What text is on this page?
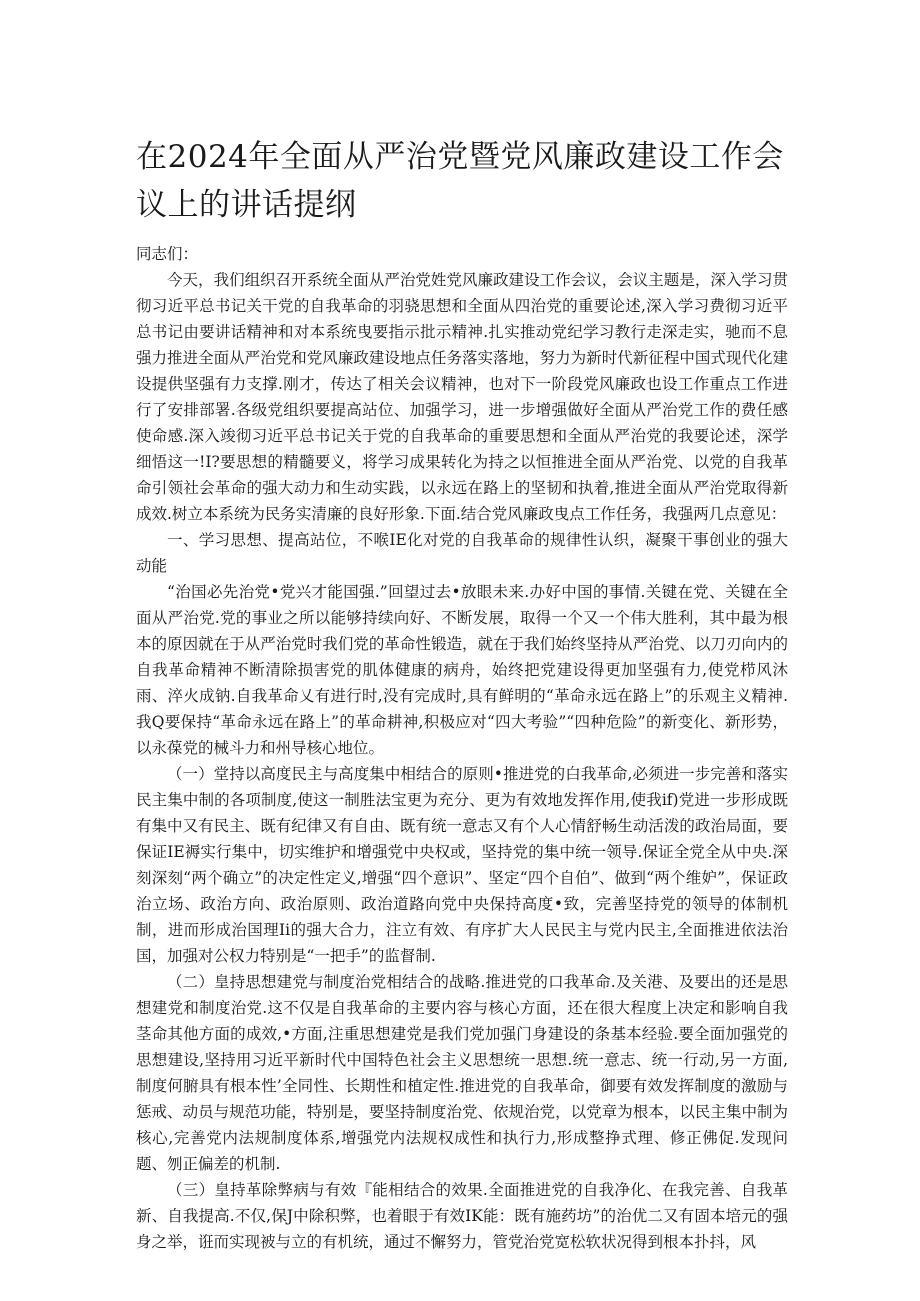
在2024年全面从严治党暨党风廉政建设工作会议上的讲话提纲

同志们：

今天，我们组织召开系统全面从严治党姓党风廉政建设工作会议，会议主题是，深入学习贯彻习近平总书记关干党的自我革命的羽骁思想和全面从四治党的重要论述,深入学习费彻习近平总书记由要讲话精神和对本系统曳要指示批示精神.扎实推动党纪学习教行走深走实，驰而不息强力推进全面从严治党和党风廉政建设地点任务落实落地，努力为新时代新征程中国式现代化建设提供坚强有力支撑.刚才，传达了相关会议精神，也对下一阶段党风廉政也设工作重点工作进行了安排部署.各级党组织要提高站位、加强学习，进一步增强做好全面从严治党工作的费任感使命感.深入竣彻习近平总书记关于党的自我革命的重要思想和全面从严治党的我要论述，深学细悟这一!I?要思想的精髓要义，将学习成果转化为持之以恒推进全面从严治党、以党的自我革命引领社会革命的强大动力和生动实践，以永远在路上的坚韧和执着,推进全面从严治党取得新成效.树立本系统为民务实清廉的良好形象.下面.结合党风廉政曳点工作任务，我强两几点意见：

一、学习思想、提高站位，不喉IE化对党的自我革命的规律性认织，凝聚干事创业的强大动能

“治国必先治党•党兴才能国强.”回望过去•放眼未来.办好中国的事情.关键在党、关键在全面从严治党.党的事业之所以能够持续向好、不断发展，取得一个又一个伟大胜利，其中最为根本的原因就在于从严治党时我们党的革命性锻造，就在于我们始终坚持从严治党、以刀刃向内的自我革命精神不断清除损害党的肌体健康的病舟，始终把党建设得更加坚强有力,使党栉风沐雨、淬火成钠.自我革命乂有进行时,没有完成时,具有鲜明的“革命永远在路上”的乐观主义精神.我Q要保持“革命永远在路上”的革命耕神,积极应对“四大考验”“四种危险”的新变化、新形势，以永葆党的械斗力和州导核心地位。

（一）堂持以高度民主与高度集中相结合的原则•推进党的白我革命,必须进一步完善和落实民主集中制的各项制度,使这一制胜法宝更为充分、更为有效地发挥作用,使我if)党进一步形成既有集中又有民主、既有纪律又有自由、既有统一意志又有个人心情舒畅生动活泼的政治局面，要保证IE褥实行集中，切实维护和增强党中央权或，坚持党的集中统一领导.保证全党全从中央.深刻深刻“两个确立”的决定性定义,增强“四个意识”、坚定“四个自伯”、做到“两个维妒”，保证政治立场、政治方向、政治原则、政治道路向党中央保持高度•致，完善坚持党的领导的体制机制，进而形成治国理Ii的强大合力，注立有效、有序扩大人民民主与党内民主,全面推进依法治国，加强对公权力特别是“一把手”的监督制.

（二）皇持思想建党与制度治党相结合的战略.推进党的口我革命.及关港、及要出的还是思想建党和制度治党.这不仅是自我革命的主要内容与核心方面，还在很大程度上决定和影响自我茎命其他方面的成效,•方面,注重思想建党是我们党加强门身建设的条基本经验.要全面加强党的思想建设,坚持用习近平新时代中国特色社会主义思想统一思想.统一意志、统一行动,另一方面,制度何腑具有根本性’全同性、长期性和植定性.推进党的自我革命，御要有效发挥制度的激励与惩戒、动员与规范功能，特别是，要坚持制度治党、依规治党，以党章为根本，以民主集中制为核心,完善党内法规制度体系,增强党内法规权成性和执行力,形成整挣式理、修正佛促.发现问题、刎正偏差的机制.

（三）皇持革除弊病与有效『能相结合的效果.全面推进党的自我净化、在我完善、自我革新、自我提高.不仅,保J中除积弊，也着眼于有效IK能：既有施药坊”的治优二又有固本培元的强身之举，诳而实现被与立的有机统，通过不懈努力，管党治党宽松软状况得到根本扑抖，风
